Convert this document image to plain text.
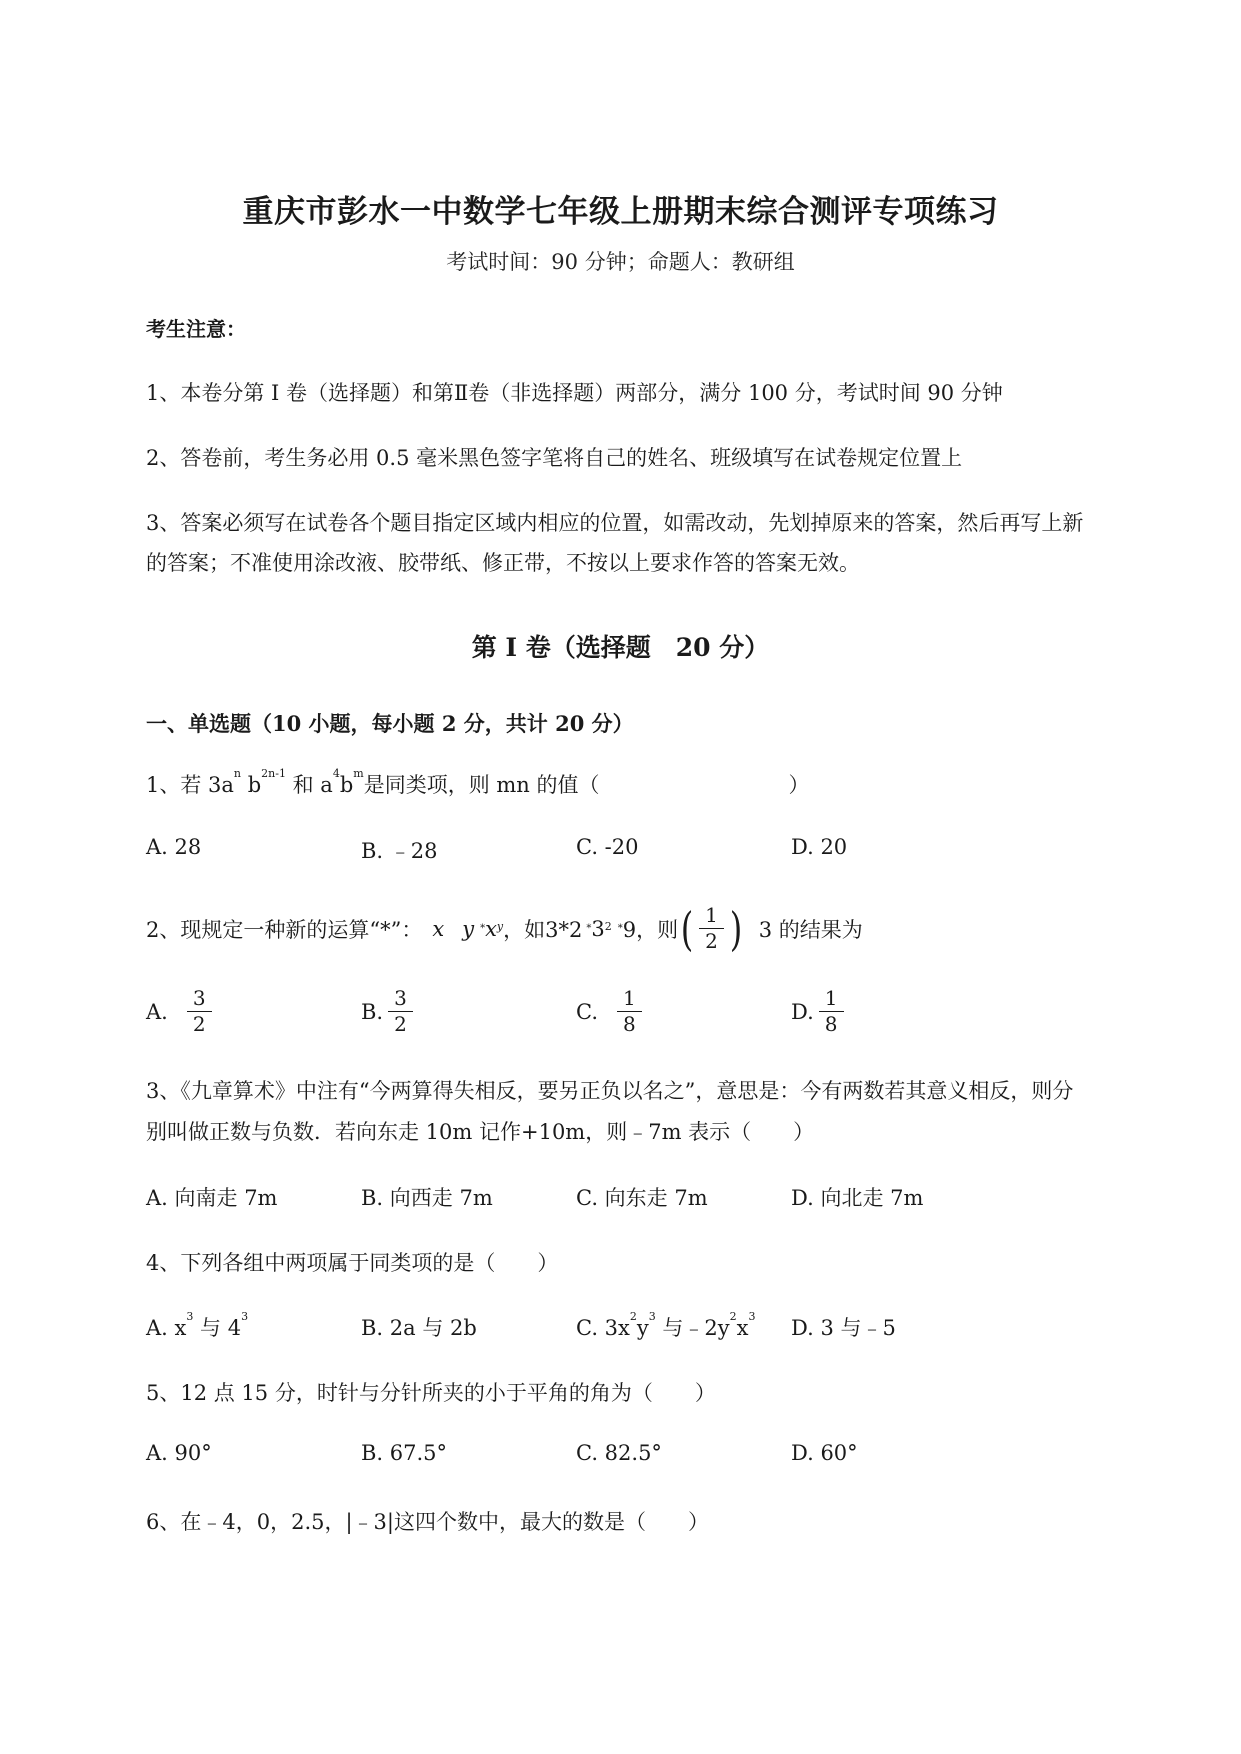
重庆市彭水一中数学七年级上册期末综合测评专项练习
考试时间：90 分钟；命题人：教研组
考生注意：
1、本卷分第 I 卷（选择题）和第Ⅱ卷（非选择题）两部分，满分 100 分，考试时间 90 分钟
2、答卷前，考生务必用 0.5 毫米黑色签字笔将自己的姓名、班级填写在试卷规定位置上
3、答案必须写在试卷各个题目指定区域内相应的位置，如需改动，先划掉原来的答案，然后再写上新
的答案；不准使用涂改液、胶带纸、修正带，不按以上要求作答的答案无效。
第 I 卷（选择题　20 分）
一、单选题（10 小题，每小题 2 分，共计 20 分）
1、若 $3a^n$ $b^{2n-1}$ 和 $a^4b^m$是同类项，则 mn 的值（　　　　　　　　　）
A. 28	B. ﹣28	C. -20	D. 20
2、现规定一种新的运算“*”： x y * $x^y$ ，如$3*2 * 3^2 * 9$，则 ( $\frac{1}{2}$ ) 3 的结果为
A. $\frac{3}{2}$	B. $\frac{3}{2}$	C. $\frac{1}{8}$	D. $\frac{1}{8}$
3、《九章算术》中注有“今两算得失相反，要另正负以名之”，意思是：今有两数若其意义相反，则分
别叫做正数与负数．若向东走 10m 记作+10m，则﹣7m 表示（　　）
A. 向南走 7m	B. 向西走 7m	C. 向东走 7m	D. 向北走 7m
4、下列各组中两项属于同类项的是（　　）
A. $x^3$ 与 $4^3$	B. 2a 与 2b	C. $3x^2y^3$ 与$﹣2y^2x^3$ D. 3 与﹣5
5、12 点 15 分，时针与分针所夹的小于平角的角为（　　）
A. 90°	B. 67.5°	C. 82.5°	D. 60°
6、在﹣4，0，2.5，|﹣3|这四个数中，最大的数是（　　）
